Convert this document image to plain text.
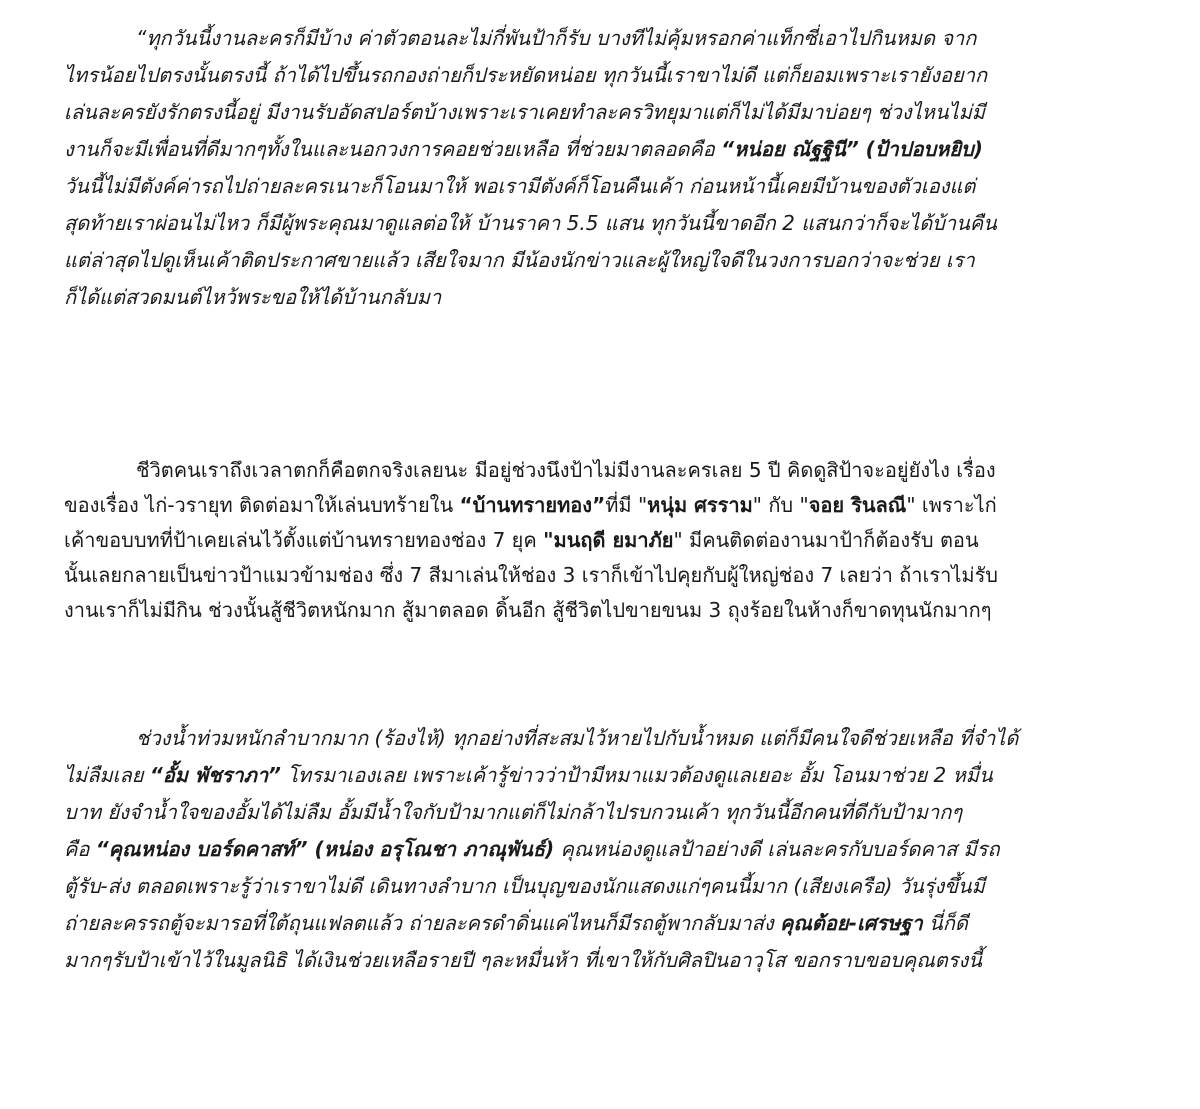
“ทุกวันนี้งานละครก็มีบ้าง ค่าตัวตอนละไม่กี่พันป้าก็รับ บางทีไม่คุ้มหรอกค่าแท็กซี่เอาไปกินหมด จาก
ไทรน้อยไปตรงนั้นตรงนี้ ถ้าได้ไปขึ้นรถกองถ่ายก็ประหยัดหน่อย ทุกวันนี้เราขาไม่ดี แต่ก็ยอมเพราะเรายังอยาก
เล่นละครยังรักตรงนี้อยู่ มีงานรับอัดสปอร์ตบ้างเพราะเราเคยทำละครวิทยุมาแต่ก็ไม่ได้มีมาบ่อยๆ ช่วงไหนไม่มี
งานก็จะมีเพื่อนที่ดีมากๆทั้งในและนอกวงการคอยช่วยเหลือ ที่ช่วยมาตลอดคือ “หน่อย ณัฐฐินี” (ป้าปอบหยิบ)
วันนี้ไม่มีตังค์ค่ารถไปถ่ายละครเนาะก็โอนมาให้ พอเรามีตังค์ก็โอนคืนเค้า ก่อนหน้านี้เคยมีบ้านของตัวเองแต่
สุดท้ายเราผ่อนไม่ไหว ก็มีผู้พระคุณมาดูแลต่อให้ บ้านราคา 5.5 แสน ทุกวันนี้ขาดอีก 2 แสนกว่าก็จะได้บ้านคืน
แต่ล่าสุดไปดูเห็นเค้าติดประกาศขายแล้ว เสียใจมาก มีน้องนักข่าวและผู้ใหญ่ใจดีในวงการบอกว่าจะช่วย เรา
ก็ได้แต่สวดมนต์ไหว้พระขอให้ได้บ้านกลับมา
ชีวิตคนเราถึงเวลาตกก็คือตกจริงเลยนะ มีอยู่ช่วงนึงป้าไม่มีงานละครเลย 5 ปี คิดดูสิป้าจะอยู่ยังไง เรื่อง
ของเรื่อง ไก่-วรายุท ติดต่อมาให้เล่นบทร้ายใน “บ้านทรายทอง”ที่มี "หนุ่ม ศรราม" กับ "จอย รินลณี" เพราะไก่
เค้าขอบบทที่ป้าเคยเล่นไว้ตั้งแต่บ้านทรายทองช่อง 7 ยุค "มนฤดี ยมาภัย" มีคนติดต่องานมาป้าก็ต้องรับ ตอน
นั้นเลยกลายเป็นข่าวป้าแมวข้ามช่อง ซึ่ง 7 สีมาเล่นให้ช่อง 3 เราก็เข้าไปคุยกับผู้ใหญ่ช่อง 7 เลยว่า ถ้าเราไม่รับ
งานเราก็ไม่มีกิน ช่วงนั้นสู้ชีวิตหนักมาก สู้มาตลอด ดิ้นอีก สู้ชีวิตไปขายขนม 3 ถุงร้อยในห้างก็ขาดทุนนักมากๆ
ช่วงน้ำท่วมหนักลำบากมาก (ร้องไห้) ทุกอย่างที่สะสมไว้หายไปกับน้ำหมด แต่ก็มีคนใจดีช่วยเหลือ ที่จำได้
ไม่ลืมเลย “อั้ม พัชราภา” โทรมาเองเลย เพราะเค้ารู้ข่าวว่าป้ามีหมาแมวต้องดูแลเยอะ อั้ม โอนมาช่วย 2 หมื่น
บาท ยังจำน้ำใจของอั้มได้ไม่ลืม อั้มมีน้ำใจกับป้ามากแต่ก็ไม่กล้าไปรบกวนเค้า ทุกวันนี้อีกคนที่ดีกับป้ามากๆ
คือ “คุณหน่อง บอร์ดคาสท์” (หน่อง อรุโณชา ภาณุพันธ์) คุณหน่องดูแลป้าอย่างดี เล่นละครกับบอร์ดคาส มีรถ
ตู้รับ-ส่ง ตลอดเพราะรู้ว่าเราขาไม่ดี เดินทางลำบาก เป็นบุญของนักแสดงแก่ๆคนนี้มาก (เสียงเครือ) วันรุ่งขึ้นมี
ถ่ายละครรถตู้จะมารอที่ใต้ถุนแฟลตแล้ว ถ่ายละครดำดิ่นแค่ไหนก็มีรถตู้พากลับมาส่ง คุณต้อย-เศรษฐา นี่ก็ดี
มากๆรับป้าเข้าไว้ในมูลนิธิ ได้เงินช่วยเหลือรายปี ๆละหมื่นห้า ที่เขาให้กับศิลปินอาวุโส ขอกราบขอบคุณตรงนี้
